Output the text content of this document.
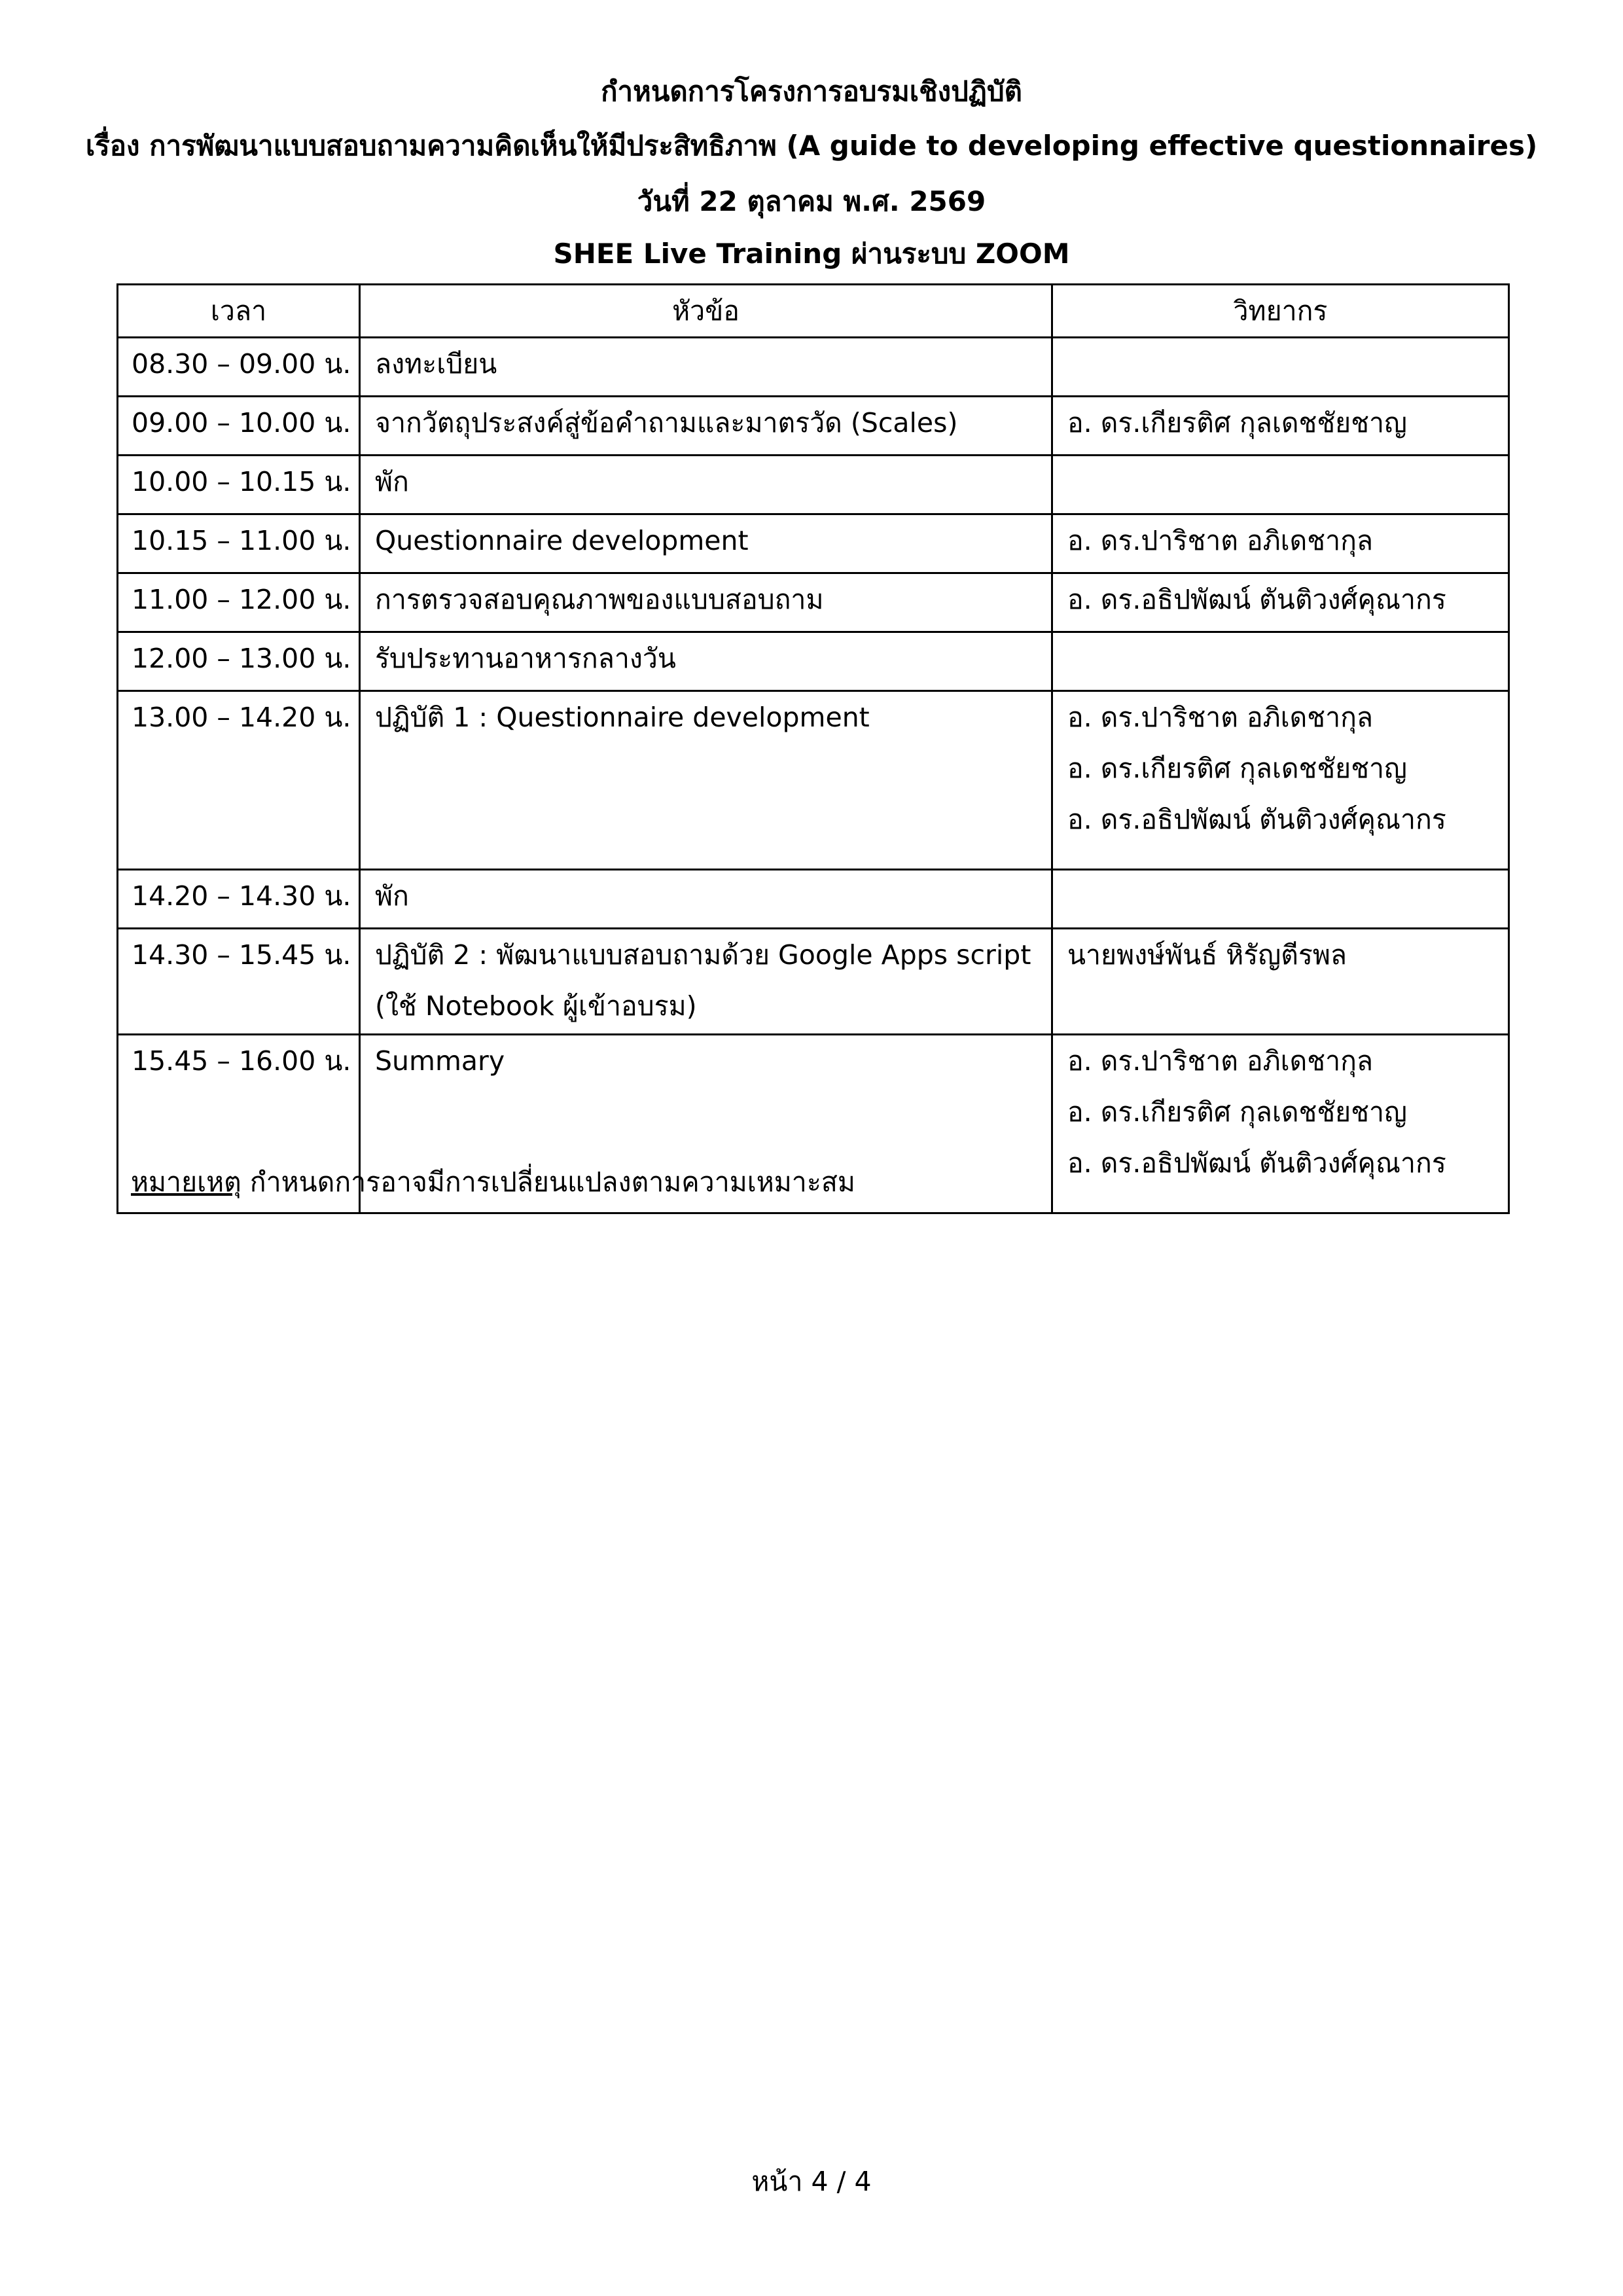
กำหนดการโครงการอบรมเชิงปฏิบัติ
เรื่อง การพัฒนาแบบสอบถามความคิดเห็นให้มีประสิทธิภาพ (A guide to developing effective questionnaires)
วันที่ 22 ตุลาคม พ.ศ. 2569
SHEE Live Training ผ่านระบบ ZOOM
เวลา	หัวข้อ	วิทยากร
08.30 – 09.00 น.	ลงทะเบียน	

09.00 – 10.00 น.	จากวัตถุประสงค์สู่ข้อคำถามและมาตรวัด (Scales)	อ. ดร.เกียรติศ กุลเดชชัยชาญ

10.00 – 10.15 น.	พัก	

10.15 – 11.00 น.	Questionnaire development	อ. ดร.ปาริชาต อภิเดชากุล

11.00 – 12.00 น.	การตรวจสอบคุณภาพของแบบสอบถาม	อ. ดร.อธิปพัฒน์ ตันติวงศ์คุณากร

12.00 – 13.00 น.	รับประทานอาหารกลางวัน	

13.00 – 14.20 น.	ปฏิบัติ 1 : Questionnaire development	อ. ดร.ปาริชาต อภิเดชากุล
อ. ดร.เกียรติศ กุลเดชชัยชาญ
อ. ดร.อธิปพัฒน์ ตันติวงศ์คุณากร

14.20 – 14.30 น.	พัก	

14.30 – 15.45 น.	ปฏิบัติ 2 : พัฒนาแบบสอบถามด้วย Google Apps script
(ใช้ Notebook ผู้เข้าอบรม)	นายพงษ์พันธ์ หิรัญตีรพล

15.45 – 16.00 น.	Summary	อ. ดร.ปาริชาต อภิเดชากุล
อ. ดร.เกียรติศ กุลเดชชัยชาญ
อ. ดร.อธิปพัฒน์ ตันติวงศ์คุณากร
หมายเหตุ กำหนดการอาจมีการเปลี่ยนแปลงตามความเหมาะสม
หน้า 4 / 4
